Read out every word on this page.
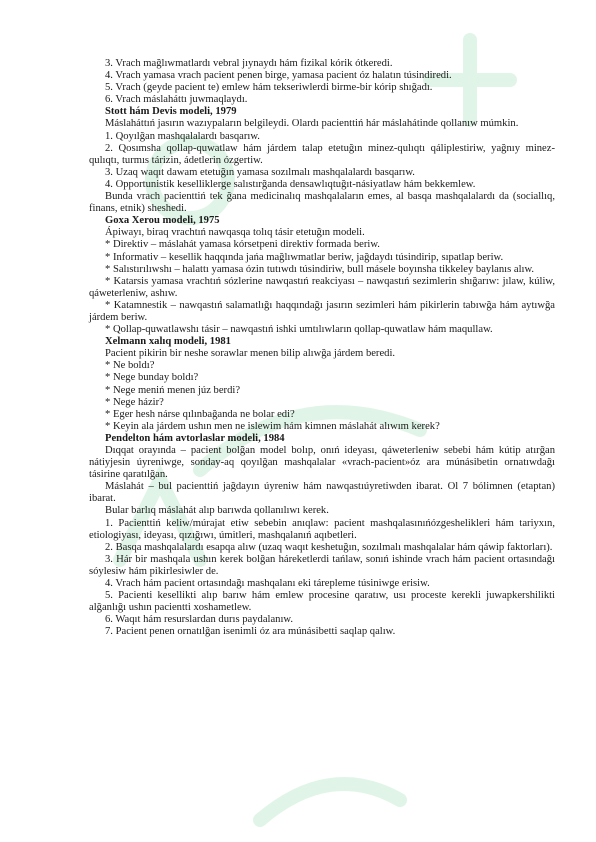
3. Vrach mağlıwmatlardı vebral jıynaydı hám fizikal kórik ótkeredi.

4. Vrach yamasa vrach pacient penen birge, yamasa pacient óz halatın túsindiredi.

5. Vrach (geyde pacient te) emlew hám tekseriwlerdi birme-bir kórip shığadı.

6. Vrach máslаháttı juwmaqlaydı.

Stott hám Devis modeli, 1979

Máslаháttıń jasırın wazıypaların belgileydi. Olardı pacienttiń hár máslаhátinde qollanıw múmkin.

1. Qoyılğan mashqalalardı basqarıw.

2. Qosımsha qollap-quwatlaw hám járdem talap etetuğın minez-qulıqtı qáliplestiriw, yağnıy minez-qulıqtı, turmıs tárizin, ádetlerin ózgertiw.

3. Uzaq waqıt dawam etetuğın yamasa sozılmalı mashqalalardı basqarıw.

4. Opportunistik keselliklerge salıstırğanda densawlıqtuğıt-násiyatlaw hám bekkemlew.

Bunda vrach pacienttiń tek ğana medicinalıq mashqalaların emes, al basqa mashqalalardı da (sociallıq, finans, etnik) sheshedi.

Goxa Xerou modeli, 1975

Ápiwayı, biraq vrachtıń nawqasqa tolıq tásir etetuğın modeli.

* Direktiv – máslаhát yamasa kórsetpeni direktiv formada beriw.

* Informativ – kesellik haqqında jańa mağlıwmatlar beriw, jağdaydı túsindirip, sıpatlap beriw.

* Salıstırılıwshı – halattı yamasa ózin tutıwdı túsindiriw, bull másele boyınsha tikkeley baylanıs alıw.

* Katarsis yamasa vrachtıń sózlerine nawqastıń reakciyası – nawqastıń sezimlerin shığarıw: jılaw, kúliw, qáweterleniw, ashıw.

* Katamnestik – nawqastıń salamatlığı haqqındağı jasırın sezimleri hám pikirlerin tabıwğa hám aytıwğa járdem beriw.

* Qollap-quwatlawshı tásir – nawqastıń ishki umtılıwların qollap-quwatlaw hám maqullaw.

Xelmann xalıq modeli, 1981

Pacient pikirin bir neshe sorawlar menen bilip alıwğa járdem beredi.

* Ne boldı?

* Nege bunday boldı?

* Nege meniń menen júz berdi?

* Nege házir?

* Eger hesh nárse qılınbağanda ne bolar edi?

* Keyin ala járdem ushın men ne islewim hám kimnen máslаhát alıwım kerek?

Pendelton hám avtorlaslar modeli, 1984

Dıqqat orayında – pacient bolğan model bolıp, onıń ideyası, qáweterleniw sebebi hám kútip atırğan nátiyjesin úyreniwge, sonday-aq qoyılğan mashqalalar «vrach-pacient»óz ara múnásibetin ornatıwdağı tásirine qaratılğan.

Máslаhát – bul pacienttiń jağdayın úyreniw hám nawqastıúyretiwden ibarat. Ol 7 bólimnen (etaptan) ibarat.

Bular barlıq máslаhát alıp barıwda qollanılıwı kerek.

1. Pacienttiń keliw/múrajat etiw sebebin anıqlaw: pacient mashqalasınıńózgeshelikleri hám tariyxın, etiologiyası, ideyası, qızığıwı, úmitleri, mashqalanıń aqıbetleri.

2. Basqa mashqalalardı esapqa alıw (uzaq waqıt keshetuğın, sozılmalı mashqalalar hám qáwip faktorları).

3. Hár bir mashqala ushın kerek bolğan háreketlerdi tańlaw, sonıń ishinde vrach hám pacient ortasındağı sóylesiw hám pikirlesiwler de.

4. Vrach hám pacient ortasındağı mashqalanı eki tárepleme túsiniwge erisiw.

5. Pacienti kesellikti alıp barıw hám emlew procesine qaratıw, usı proceste kerekli juwapkershilikti alğanlığı ushın pacientti xoshametlew.

6. Waqıt hám resurslardan durıs paydalanıw.

7. Pacient penen ornatılğan isenimli óz ara múnásibetti saqlap qalıw.
